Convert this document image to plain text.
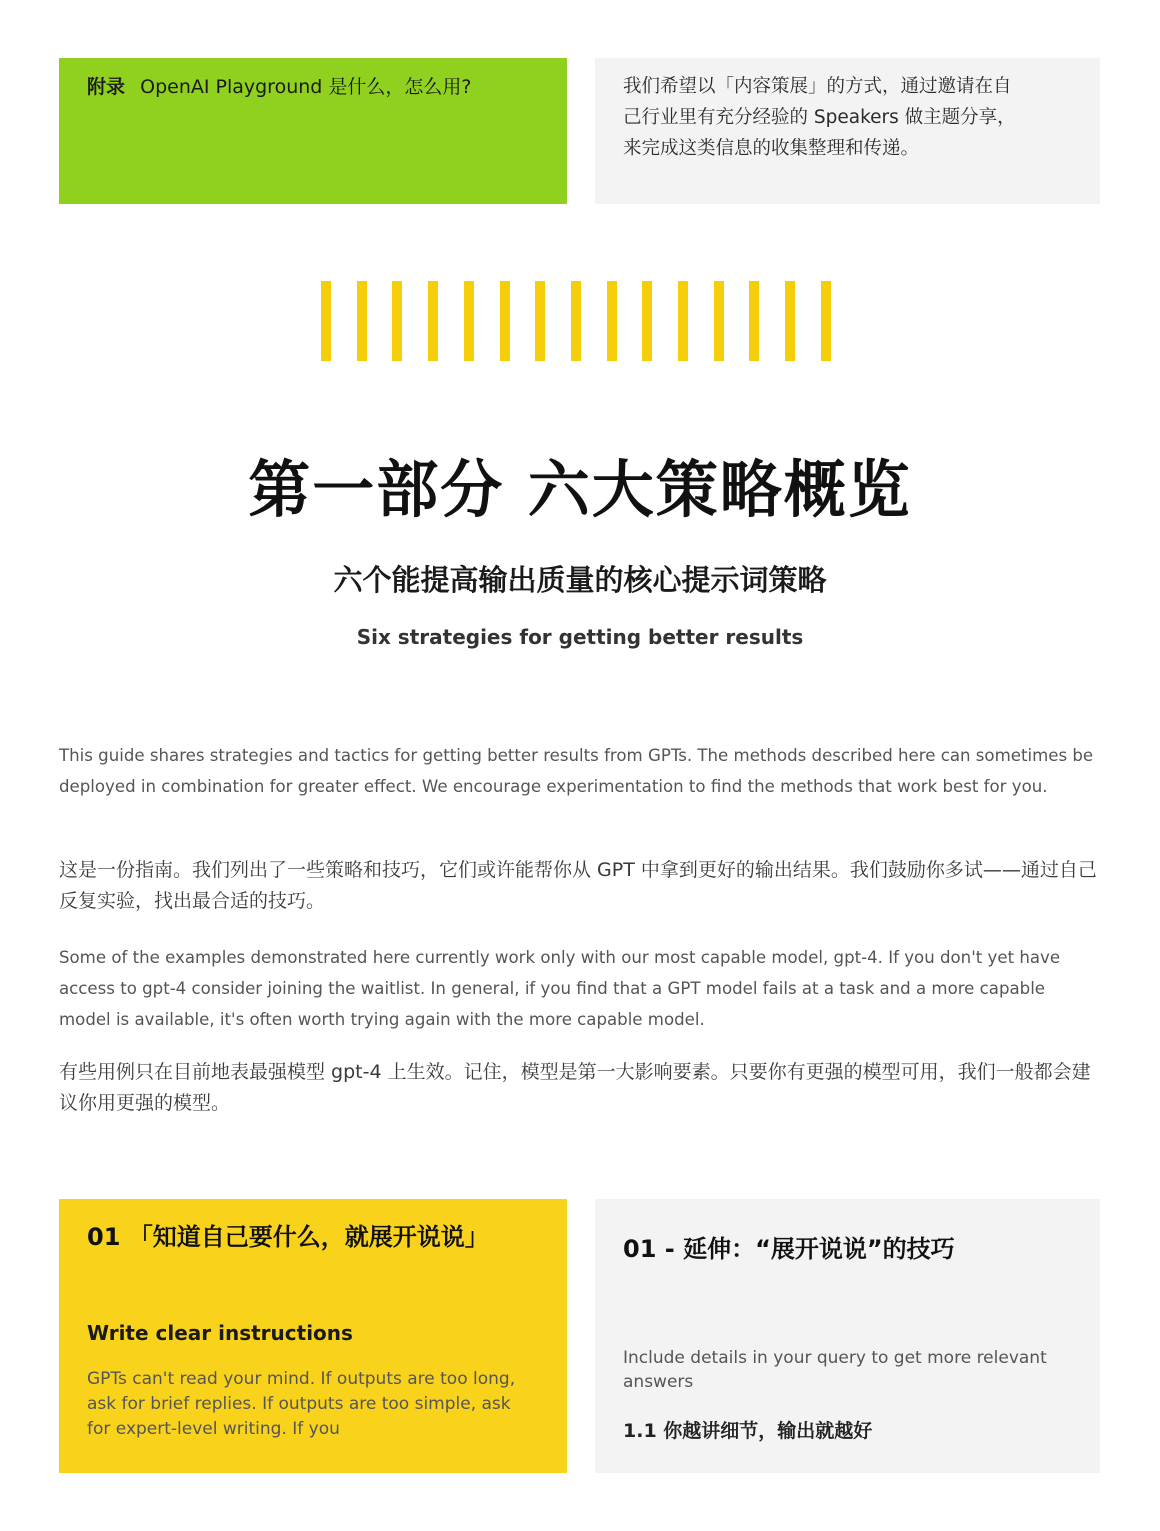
附录 OpenAI Playground 是什么，怎么用?	我们希望以「内容策展」的方式，通过邀请在自
己行业里有充分经验的 Speakers 做主题分享，
来完成这类信息的收集整理和传递。
第一部分 六大策略概览
六个能提高输出质量的核心提示词策略
Six strategies for getting better results

This guide shares strategies and tactics for getting better results from GPTs. The methods described here can sometimes be deployed in combination for greater effect. We encourage experimentation to find the methods that work best for you.

这是一份指南。我们列出了一些策略和技巧，它们或许能帮你从 GPT 中拿到更好的输出结果。我们鼓励你多试——通过自己反复实验，找出最合适的技巧。

Some of the examples demonstrated here currently work only with our most capable model, gpt-4. If you don't yet have access to gpt-4 consider joining the waitlist. In general, if you find that a GPT model fails at a task and a more capable model is available, it's often worth trying again with the more capable model.

有些用例只在目前地表最强模型 gpt-4 上生效。记住，模型是第一大影响要素。只要你有更强的模型可用，我们一般都会建议你用更强的模型。

01 「知道自己要什么，就展开说说」

Write clear instructions

GPTs can't read your mind. If outputs are too long, ask for brief replies. If outputs are too simple, ask for expert-level writing. If you

01 - 延伸：“展开说说”的技巧

Include details in your query to get more relevant answers

1.1 你越讲细节，输出就越好
